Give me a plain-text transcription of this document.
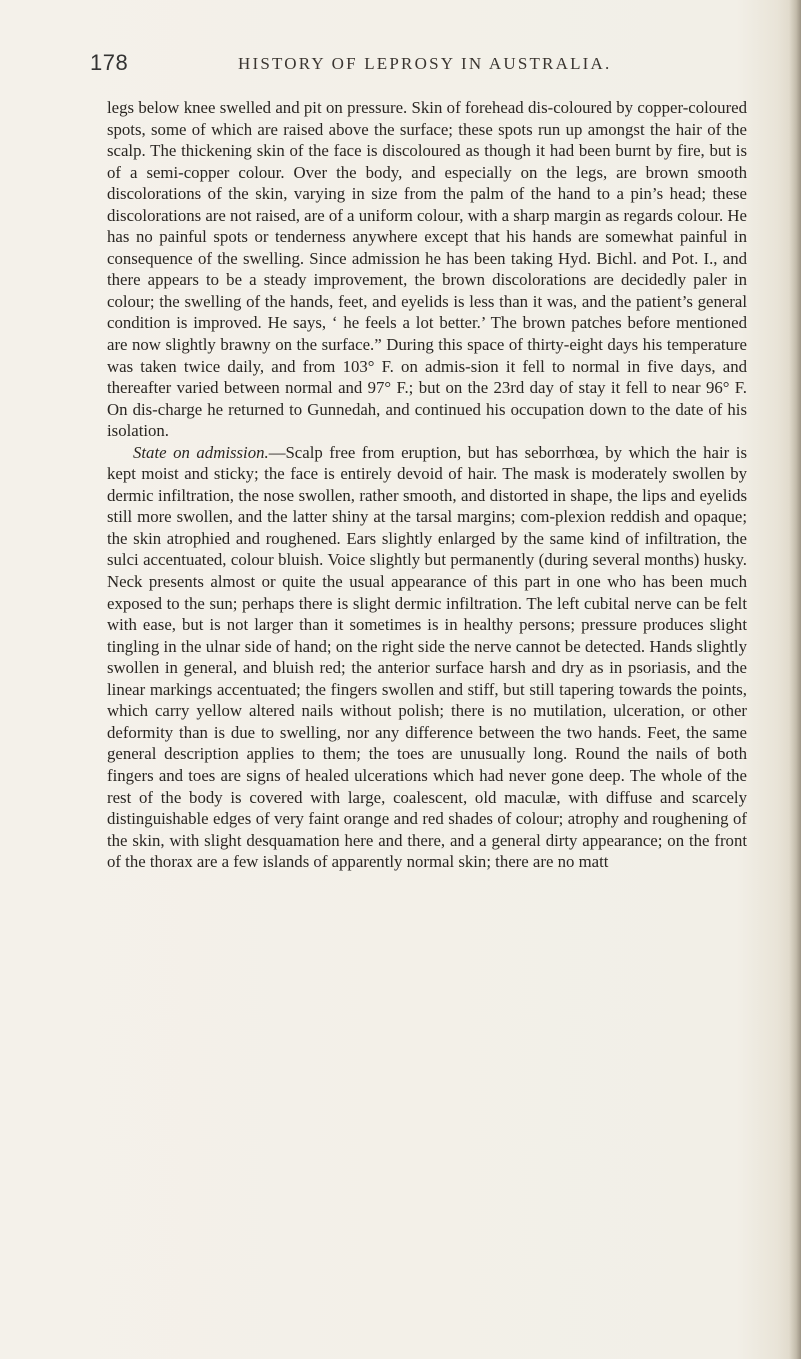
178	HISTORY OF LEPROSY IN AUSTRALIA.

legs below knee swelled and pit on pressure. Skin of forehead dis-coloured by copper-coloured spots, some of which are raised above the surface; these spots run up amongst the hair of the scalp. The thickening skin of the face is discoloured as though it had been burnt by fire, but is of a semi-copper colour. Over the body, and especially on the legs, are brown smooth discolorations of the skin, varying in size from the palm of the hand to a pin’s head; these discolorations are not raised, are of a uniform colour, with a sharp margin as regards colour. He has no painful spots or tenderness anywhere except that his hands are somewhat painful in consequence of the swelling. Since admission he has been taking Hyd. Bichl. and Pot. I., and there appears to be a steady improvement, the brown discolorations are decidedly paler in colour; the swelling of the hands, feet, and eyelids is less than it was, and the patient’s general condition is improved. He says, ‘ he feels a lot better.’ The brown patches before mentioned are now slightly brawny on the surface.” During this space of thirty-eight days his temperature was taken twice daily, and from 103° F. on admis-sion it fell to normal in five days, and thereafter varied between normal and 97° F.; but on the 23rd day of stay it fell to near 96° F. On dis-charge he returned to Gunnedah, and continued his occupation down to the date of his isolation.

State on admission.—Scalp free from eruption, but has seborrhœa, by which the hair is kept moist and sticky; the face is entirely devoid of hair. The mask is moderately swollen by dermic infiltration, the nose swollen, rather smooth, and distorted in shape, the lips and eyelids still more swollen, and the latter shiny at the tarsal margins; com-plexion reddish and opaque; the skin atrophied and roughened. Ears slightly enlarged by the same kind of infiltration, the sulci accentuated, colour bluish. Voice slightly but permanently (during several months) husky. Neck presents almost or quite the usual appearance of this part in one who has been much exposed to the sun; perhaps there is slight dermic infiltration. The left cubital nerve can be felt with ease, but is not larger than it sometimes is in healthy persons; pressure produces slight tingling in the ulnar side of hand; on the right side the nerve cannot be detected. Hands slightly swollen in general, and bluish red; the anterior surface harsh and dry as in psoriasis, and the linear markings accentuated; the fingers swollen and stiff, but still tapering towards the points, which carry yellow altered nails without polish; there is no mutilation, ulceration, or other deformity than is due to swelling, nor any difference between the two hands. Feet, the same general description applies to them; the toes are unusually long. Round the nails of both fingers and toes are signs of healed ulcerations which had never gone deep. The whole of the rest of the body is covered with large, coalescent, old maculæ, with diffuse and scarcely distinguishable edges of very faint orange and red shades of colour; atrophy and roughening of the skin, with slight desquamation here and there, and a general dirty appearance; on the front of the thorax are a few islands of apparently normal skin; there are no matt
